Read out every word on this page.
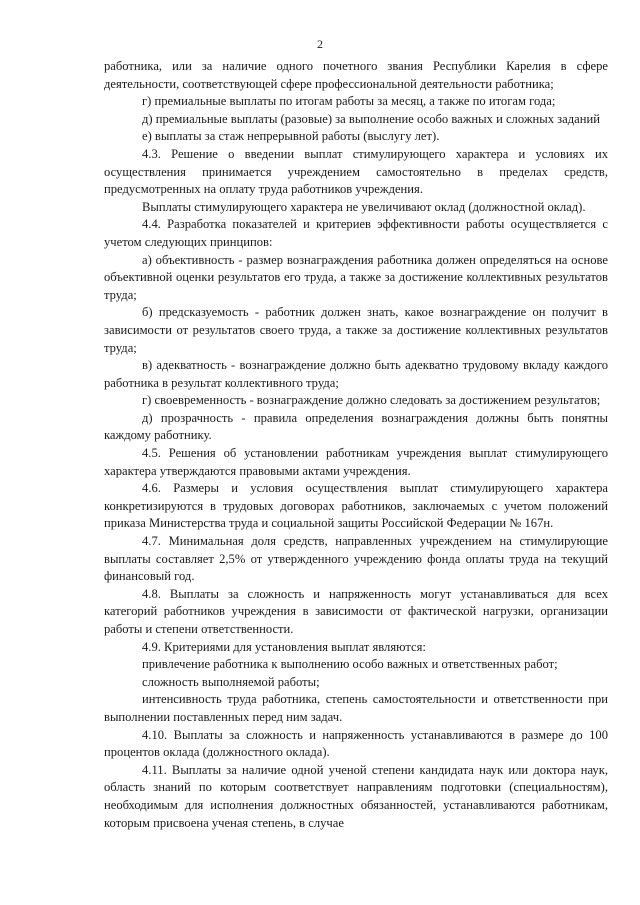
2

работника, или за наличие одного почетного звания Республики Карелия в сфере деятельности, соответствующей сфере профессиональной деятельности работника;

г) премиальные выплаты по итогам работы за месяц, а также по итогам года;

д) премиальные выплаты (разовые) за выполнение особо важных и сложных заданий

е) выплаты за стаж непрерывной работы (выслугу лет).

4.3. Решение о введении выплат стимулирующего характера и условиях их осуществления принимается учреждением самостоятельно в пределах средств, предусмотренных на оплату труда работников учреждения.

Выплаты стимулирующего характера не увеличивают оклад (должностной оклад).

4.4. Разработка показателей и критериев эффективности работы осуществляется с учетом следующих принципов:

а) объективность - размер вознаграждения работника должен определяться на основе объективной оценки результатов его труда, а также за достижение коллективных результатов труда;

б) предсказуемость - работник должен знать, какое вознаграждение он получит в зависимости от результатов своего труда, а также за достижение коллективных результатов труда;

в) адекватность - вознаграждение должно быть адекватно трудовому вкладу каждого работника в результат коллективного труда;

г) своевременность - вознаграждение должно следовать за достижением результатов;

д) прозрачность - правила определения вознаграждения должны быть понятны каждому работнику.

4.5. Решения об установлении работникам учреждения выплат стимулирующего характера утверждаются правовыми актами учреждения.

4.6. Размеры и условия осуществления выплат стимулирующего характера конкретизируются в трудовых договорах работников, заключаемых с учетом положений приказа Министерства труда и социальной защиты Российской Федерации № 167н.

4.7. Минимальная доля средств, направленных учреждением на стимулирующие выплаты составляет 2,5% от утвержденного учреждению фонда оплаты труда на текущий финансовый год.

4.8. Выплаты за сложность и напряженность могут устанавливаться для всех категорий работников учреждения в зависимости от фактической нагрузки, организации работы и степени ответственности.

4.9. Критериями для установления выплат являются:

привлечение работника к выполнению особо важных и ответственных работ;

сложность выполняемой работы;

интенсивность труда работника, степень самостоятельности и ответственности при выполнении поставленных перед ним задач.

4.10. Выплаты за сложность и напряженность устанавливаются в размере до 100 процентов оклада (должностного оклада).

4.11. Выплаты за наличие одной ученой степени кандидата наук или доктора наук, область знаний по которым соответствует направлениям подготовки (специальностям), необходимым для исполнения должностных обязанностей, устанавливаются работникам, которым присвоена ученая степень, в случае
